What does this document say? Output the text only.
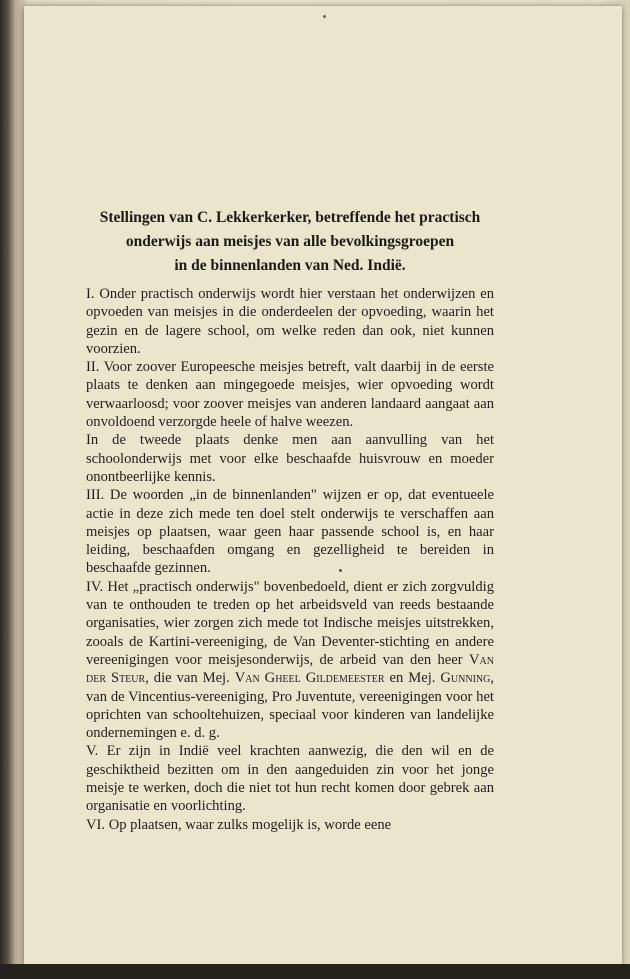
Stellingen van C. Lekkerkerker, betreffende het practisch
onderwijs aan meisjes van alle bevolkingsgroepen
in de binnenlanden van Ned. Indië.

I. Onder practisch onderwijs wordt hier verstaan het onderwijzen en opvoeden van meisjes in die onderdeelen der opvoeding, waarin het gezin en de lagere school, om welke reden dan ook, niet kunnen voorzien.

II. Voor zoover Europeesche meisjes betreft, valt daarbij in de eerste plaats te denken aan mingegoede meisjes, wier opvoeding wordt verwaarloosd; voor zoover meisjes van anderen landaard aangaat aan onvoldoend verzorgde heele of halve weezen.

In de tweede plaats denke men aan aanvulling van het schoolonderwijs met voor elke beschaafde huisvrouw en moeder onontbeerlijke kennis.

III. De woorden „in de binnenlanden" wijzen er op, dat eventueele actie in deze zich mede ten doel stelt onderwijs te verschaffen aan meisjes op plaatsen, waar geen haar passende school is, en haar leiding, beschaafden omgang en gezelligheid te bereiden in beschaafde gezinnen.

IV. Het „practisch onderwijs" bovenbedoeld, dient er zich zorgvuldig van te onthouden te treden op het arbeidsveld van reeds bestaande organisaties, wier zorgen zich mede tot Indische meisjes uitstrekken, zooals de Kartini-vereeniging, de Van Deventer-stichting en andere vereenigingen voor meisjesonderwijs, de arbeid van den heer Van der Steur, die van Mej. Van Gheel Gildemeester en Mej. Gunning, van de Vincentius-vereeniging, Pro Juventute, vereenigingen voor het oprichten van schooltehuizen, speciaal voor kinderen van landelijke ondernemingen e. d. g.

V. Er zijn in Indië veel krachten aanwezig, die den wil en de geschiktheid bezitten om in den aangeduiden zin voor het jonge meisje te werken, doch die niet tot hun recht komen door gebrek aan organisatie en voorlichting.

VI. Op plaatsen, waar zulks mogelijk is, worde eene
